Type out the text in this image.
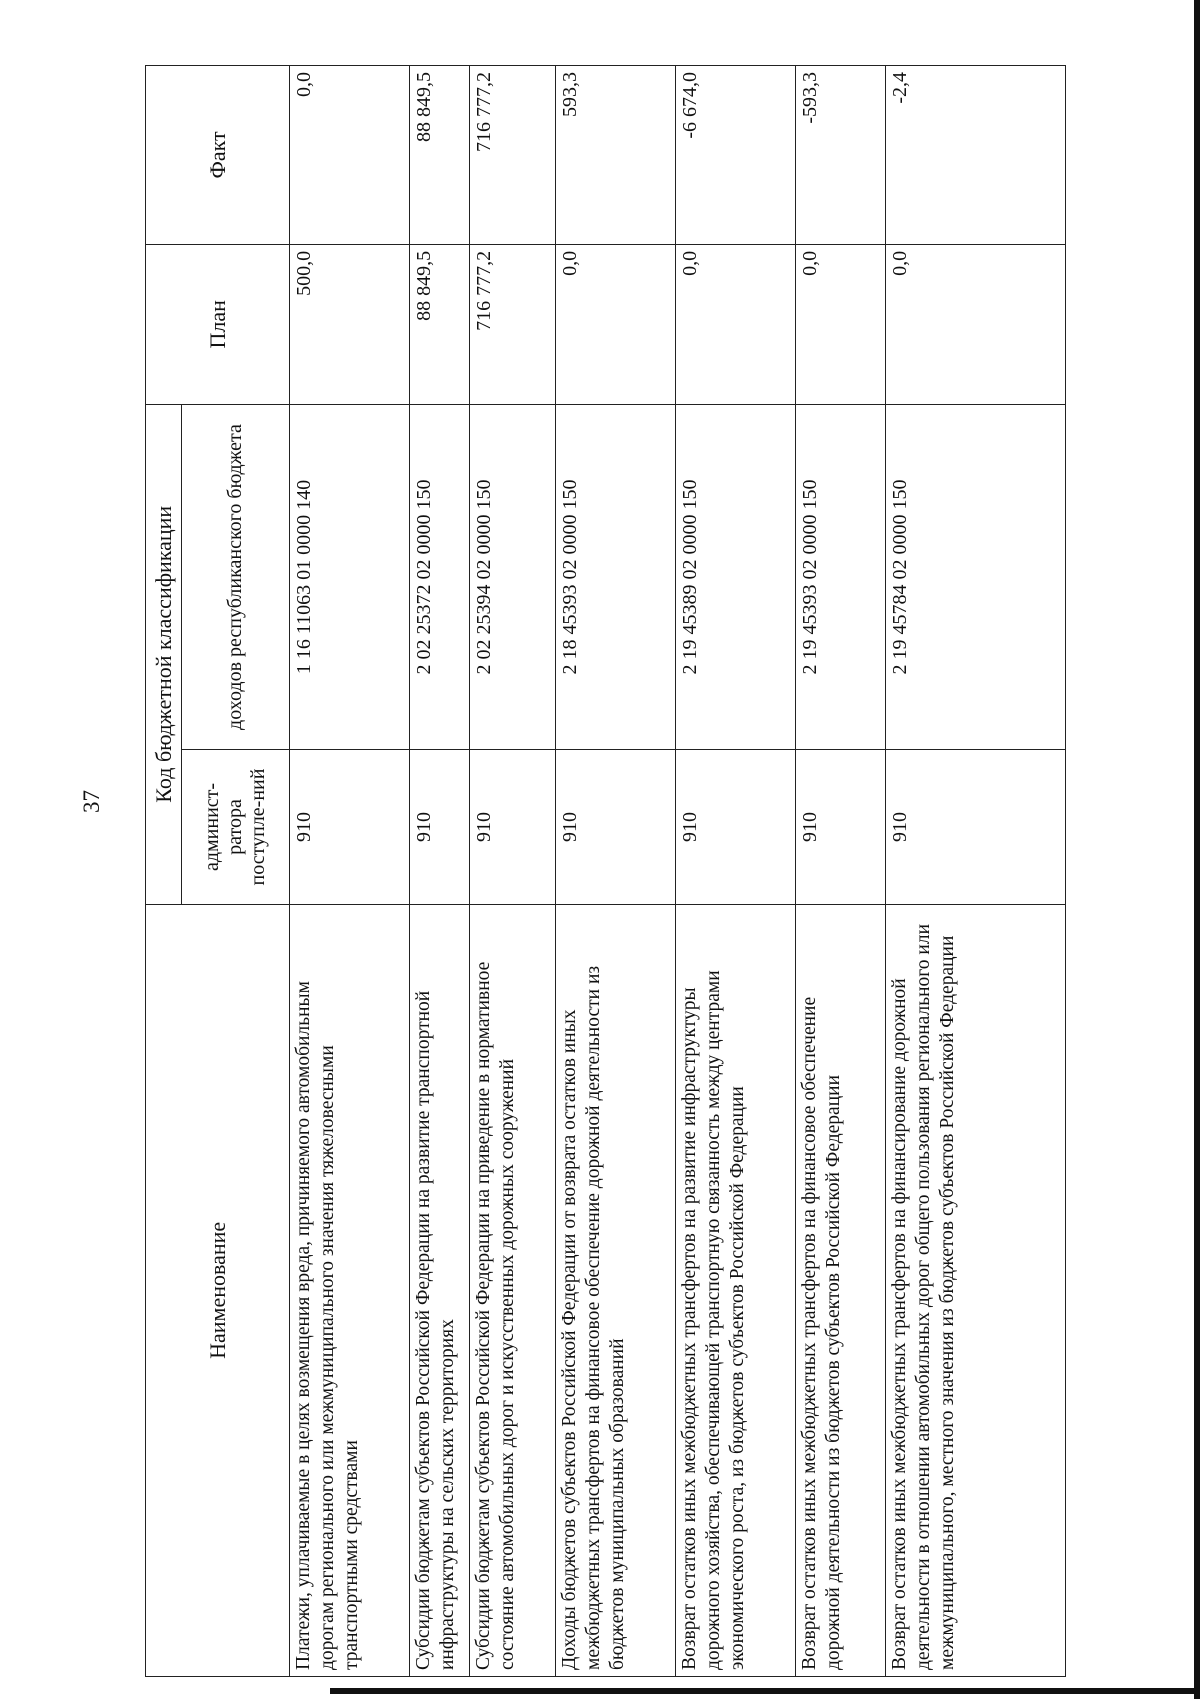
37
Наименование	Код бюджетной классификации		План	Факт
	админист-ратора поступле-ний	доходов республиканского бюджета		
Платежи, уплачиваемые в целях возмещения вреда, причиняемого автомобильным дорогам регионального или межмуниципального значения тяжеловесными транспортными средствами	910	1 16 11063 01 0000 140	500,0	0,0
Субсидии бюджетам субъектов Российской Федерации на развитие транспортной инфраструктуры на сельских территориях	910	2 02 25372 02 0000 150	88 849,5	88 849,5
Субсидии бюджетам субъектов Российской Федерации на приведение в нормативное состояние автомобильных дорог и искусственных дорожных сооружений	910	2 02 25394 02 0000 150	716 777,2	716 777,2
Доходы бюджетов субъектов Российской Федерации от возврата остатков иных межбюджетных трансфертов на финансовое обеспечение дорожной деятельности из бюджетов муниципальных образований	910	2 18 45393 02 0000 150	0,0	593,3
Возврат остатков иных межбюджетных трансфертов на развитие инфраструктуры дорожного хозяйства, обеспечивающей транспортную связанность между центрами экономического роста, из бюджетов субъектов Российской Федерации	910	2 19 45389 02 0000 150	0,0	-6 674,0
Возврат остатков иных межбюджетных трансфертов на финансовое обеспечение дорожной деятельности из бюджетов субъектов Российской Федерации	910	2 19 45393 02 0000 150	0,0	-593,3
Возврат остатков иных межбюджетных трансфертов на финансирование дорожной деятельности в отношении автомобильных дорог общего пользования регионального или межмуниципального, местного значения из бюджетов субъектов Российской Федерации	910	2 19 45784 02 0000 150	0,0	-2,4
